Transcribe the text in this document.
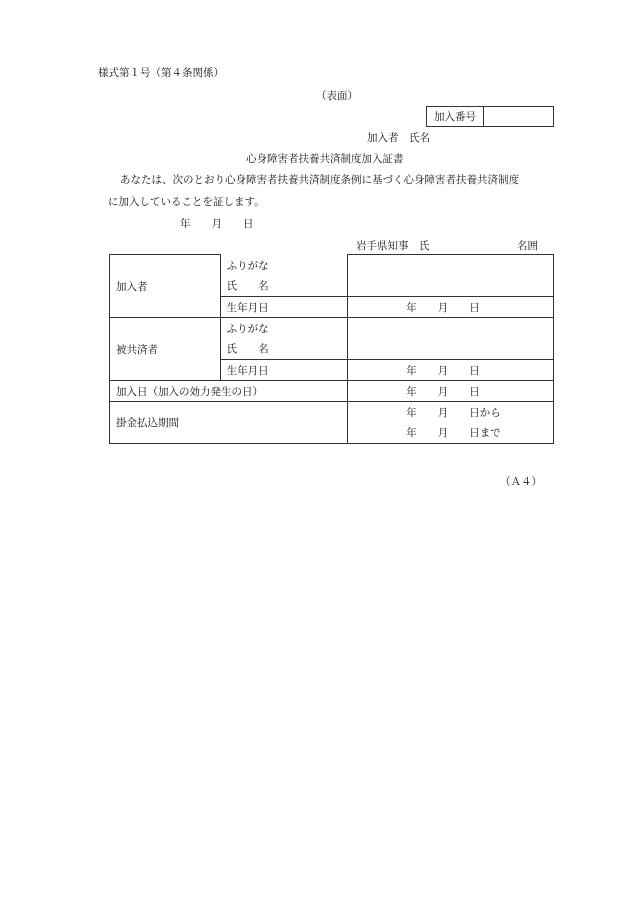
様式第１号（第４条関係）
（表面）
加入番号
加入者　氏名
心身障害者扶養共済制度加入証書
あなたは、次のとおり心身障害者扶養共済制度条例に基づく心身障害者扶養共済制度
に加入していることを証します。
年　　月　　日
岩手県知事　氏	名囲
加入者	ふりがな	
	氏　　名	
	生年月日	年　　月　　日
被共済者	ふりがな	
	氏　　名	
	生年月日	年　　月　　日
加入日（加入の効力発生の日）		年　　月　　日
掛金払込期間		年　　月　　日から
		年　　月　　日まで
（Ａ４）
